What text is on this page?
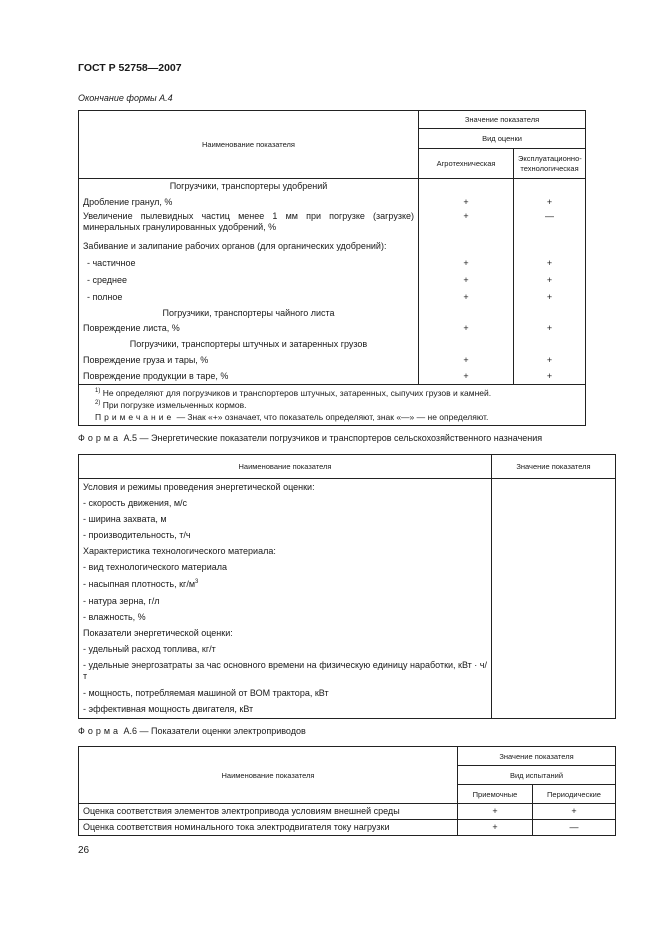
ГОСТ Р 52758—2007
Окончание формы А.4
Наименование показателя	Значение показателя	
	Вид оценки	
	Агротехническая	Эксплуатационно-
технологическая
Погрузчики, транспортеры удобрений		
Дробление гранул, %	+	+
Увеличение пылевидных частиц менее 1 мм при погрузке (загрузке) минеральных гранулированных удобрений, %	+	—
Забивание и залипание рабочих органов (для органических удобрений):		
- частичное	+	+
- среднее	+	+
- полное	+	+
Погрузчики, транспортеры чайного листа		
Повреждение листа, %	+	+
Погрузчики, транспортеры штучных и затаренных грузов		
Повреждение груза и тары, %	+	+
Повреждение продукции в таре, %	+	+

$^{1)}$ Не определяют для погрузчиков и транспортеров штучных, затаренных, сыпучих грузов и камней.
$^{2)}$ При погрузке измельченных кормов.
Примечание — Знак «+» означает, что показатель определяют, знак «—» — не определяют.		
Форма А.5 — Энергетические показатели погрузчиков и транспортеров сельскохозяйственного назначения
Наименование показателя	Значение показателя
Условия и режимы проведения энергетической оценки:	
- скорость движения, м/с	
- ширина захвата, м	
- производительность, т/ч	
Характеристика технологического материала:	
- вид технологического материала	
- насыпная плотность, $кг/м^3$
- натура зерна, г/л	
- влажность, %	
Показатели энергетической оценки:	
- удельный расход топлива, кг/т	
- удельные энергозатраты за час основного времени на физическую единицу наработки, кВт · ч/т	
- мощность, потребляемая машиной от ВОМ трактора, кВт	
- эффективная мощность двигателя, кВт	
Форма А.6 — Показатели оценки электроприводов
Наименование показателя	Значение показателя	
	Вид испытаний	
	Приемочные	Периодические
Оценка соответствия элементов электропривода условиям внешней среды	+	+
Оценка соответствия номинального тока электродвигателя току нагрузки	+	—
26
